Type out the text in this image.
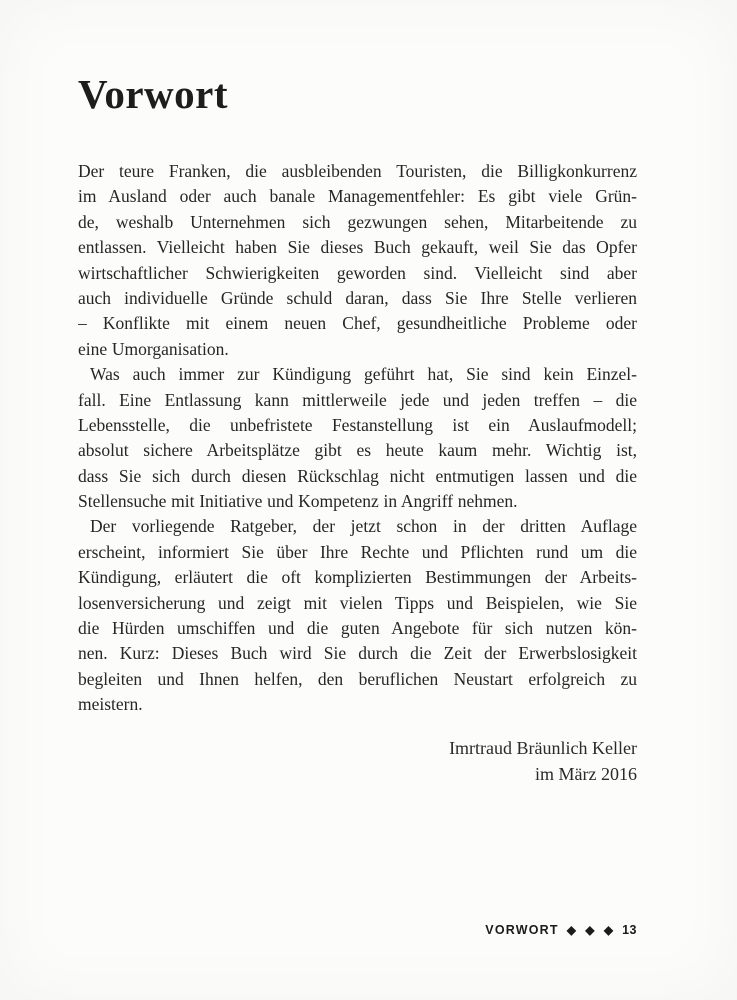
Vorwort
Der teure Franken, die ausbleibenden Touristen, die Billigkonkurrenz
im Ausland oder auch banale Managementfehler: Es gibt viele Grün-
de, weshalb Unternehmen sich gezwungen sehen, Mitarbeitende zu
entlassen. Vielleicht haben Sie dieses Buch gekauft, weil Sie das Opfer
wirtschaftlicher Schwierigkeiten geworden sind. Vielleicht sind aber
auch individuelle Gründe schuld daran, dass Sie Ihre Stelle verlieren
– Konflikte mit einem neuen Chef, gesundheitliche Probleme oder
eine Umorganisation.
Was auch immer zur Kündigung geführt hat, Sie sind kein Einzel-
fall. Eine Entlassung kann mittlerweile jede und jeden treffen – die
Lebensstelle, die unbefristete Festanstellung ist ein Auslaufmodell;
absolut sichere Arbeitsplätze gibt es heute kaum mehr. Wichtig ist,
dass Sie sich durch diesen Rückschlag nicht entmutigen lassen und die
Stellensuche mit Initiative und Kompetenz in Angriff nehmen.
Der vorliegende Ratgeber, der jetzt schon in der dritten Auflage
erscheint, informiert Sie über Ihre Rechte und Pflichten rund um die
Kündigung, erläutert die oft komplizierten Bestimmungen der Arbeits-
losenversicherung und zeigt mit vielen Tipps und Beispielen, wie Sie
die Hürden umschiffen und die guten Angebote für sich nutzen kön-
nen. Kurz: Dieses Buch wird Sie durch die Zeit der Erwerbslosigkeit
begleiten und Ihnen helfen, den beruflichen Neustart erfolgreich zu
meistern.
Imrtraud Bräunlich Keller
im März 2016
VORWORT ◆ ◆ ◆ 13
